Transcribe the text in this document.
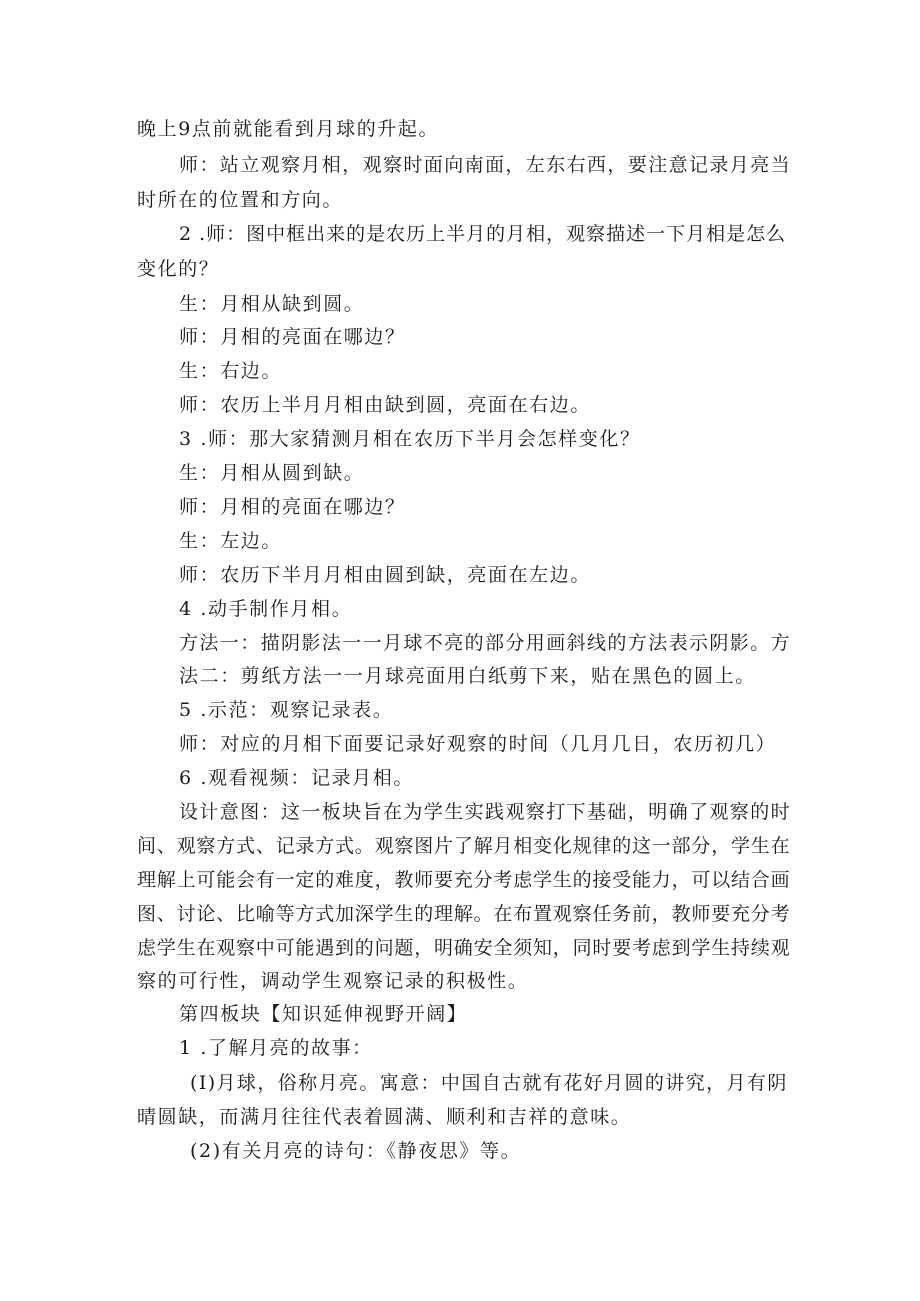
晚上9点前就能看到月球的升起。
师：站立观察月相，观察时面向南面，左东右西，要注意记录月亮当
时所在的位置和方向。
2 .师：图中框出来的是农历上半月的月相，观察描述一下月相是怎么
变化的？
生：月相从缺到圆。
师：月相的亮面在哪边？
生：右边。
师：农历上半月月相由缺到圆，亮面在右边。
3 .师：那大家猜测月相在农历下半月会怎样变化？
生：月相从圆到缺。
师：月相的亮面在哪边？
生：左边。
师：农历下半月月相由圆到缺，亮面在左边。
4 .动手制作月相。
方法一：描阴影法一一月球不亮的部分用画斜线的方法表示阴影。方
法二：剪纸方法一一月球亮面用白纸剪下来，贴在黑色的圆上。
5 .示范：观察记录表。
师：对应的月相下面要记录好观察的时间（几月几日，农历初几）
6 .观看视频：记录月相。
设计意图：这一板块旨在为学生实践观察打下基础，明确了观察的时
间、观察方式、记录方式。观察图片了解月相变化规律的这一部分，学生在
理解上可能会有一定的难度，教师要充分考虑学生的接受能力，可以结合画
图、讨论、比喻等方式加深学生的理解。在布置观察任务前，教师要充分考
虑学生在观察中可能遇到的问题，明确安全须知，同时要考虑到学生持续观
察的可行性，调动学生观察记录的积极性。
第四板块【知识延伸视野开阔】
1 .了解月亮的故事：
(I)月球，俗称月亮。寓意：中国自古就有花好月圆的讲究，月有阴
晴圆缺，而满月往往代表着圆满、顺利和吉祥的意味。
(2)有关月亮的诗句：《静夜思》等。
